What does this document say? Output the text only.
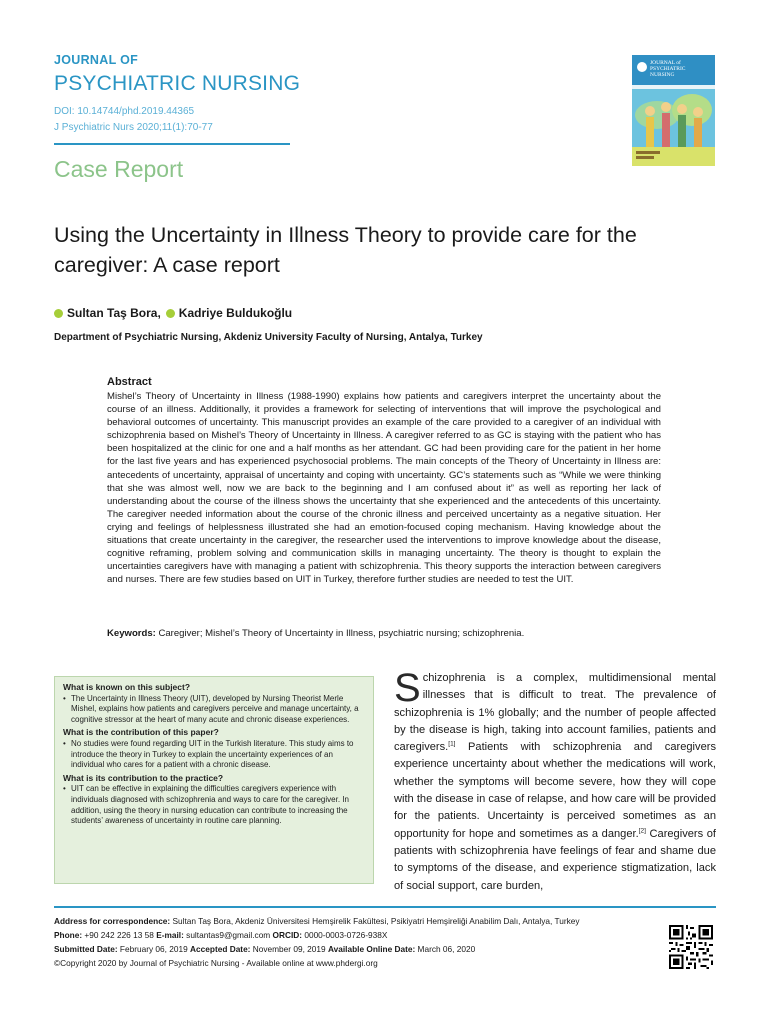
JOURNAL OF
PSYCHIATRIC NURSING
DOI: 10.14744/phd.2019.44365
J Psychiatric Nurs 2020;11(1):70-77
Case Report
JOURNAL of
PSYCHIATRIC
NURSING
Using the Uncertainty in Illness Theory to provide care for the caregiver: A case report
Sultan Taş Bora, Kadriye Buldukoğlu
Department of Psychiatric Nursing, Akdeniz University Faculty of Nursing, Antalya, Turkey
Abstract
Mishel’s Theory of Uncertainty in Illness (1988-1990) explains how patients and caregivers interpret the uncertainty about the course of an illness. Additionally, it provides a framework for selecting of interventions that will improve the psychological and behavioral outcomes of uncertainty. This manuscript provides an example of the care provided to a caregiver of an individual with schizophrenia based on Mishel’s Theory of Uncertainty in Illness. A caregiver referred to as GC is staying with the patient who has been hospitalized at the clinic for one and a half months as her attendant. GC had been providing care for the patient in her home for the last five years and has experienced psychosocial problems. The main concepts of the Theory of Uncertainty in Illness are: antecedents of uncertainty, appraisal of uncertainty and coping with uncertainty. GC’s statements such as “While we were thinking that she was almost well, now we are back to the beginning and I am confused about it” as well as reporting her lack of understanding about the course of the illness shows the uncertainty that she experienced and the antecedents of this uncertainty. The caregiver needed information about the course of the chronic illness and perceived uncertainty as a negative situation. Her crying and feelings of helplessness illustrated she had an emotion-focused coping mechanism. Having knowledge about the situations that create uncertainty in the caregiver, the researcher used the interventions to improve knowledge about the disease, cognitive reframing, problem solving and communication skills in managing uncertainty. The theory is thought to explain the uncertainties caregivers have with managing a patient with schizophrenia. This theory supports the interaction between caregivers and nurses. There are few studies based on UIT in Turkey, therefore further studies are needed to test the UIT.
Keywords: Caregiver; Mishel’s Theory of Uncertainty in Illness, psychiatric nursing; schizophrenia.
What is known on this subject?
• The Uncertainty in Illness Theory (UIT), developed by Nursing Theorist Merle Mishel, explains how patients and caregivers perceive and manage uncertainty, a cognitive stressor at the heart of many acute and chronic disease experiences.
What is the contribution of this paper?
• No studies were found regarding UIT in the Turkish literature. This study aims to introduce the theory in Turkey to explain the uncertainty experiences of an individual who cares for a patient with a chronic disease.
What is its contribution to the practice?
• UIT can be effective in explaining the difficulties caregivers experience with individuals diagnosed with schizophrenia and ways to care for the caregiver. In addition, using the theory in nursing education can contribute to increasing the students’ awareness of uncertainty in routine care planning.
Schizophrenia is a complex, multidimensional mental illnesses that is difficult to treat. The prevalence of schizophrenia is 1% globally; and the number of people affected by the disease is high, taking into account families, patients and caregivers.[1] Patients with schizophrenia and caregivers experience uncertainty about whether the medications will work, whether the symptoms will become severe, how they will cope with the disease in case of relapse, and how care will be provided for the patients. Uncertainty is perceived sometimes as an opportunity for hope and sometimes as a danger.[2] Caregivers of patients with schizophrenia have feelings of fear and shame due to symptoms of the disease, and experience stigmatization, lack of social support, care burden,
Address for correspondence: Sultan Taş Bora, Akdeniz Üniversitesi Hemşirelik Fakültesi, Psikiyatri Hemşireliği Anabilim Dalı, Antalya, Turkey
Phone: +90 242 226 13 58 E-mail: sultantas9@gmail.com ORCID: 0000-0003-0726-938X
Submitted Date: February 06, 2019 Accepted Date: November 09, 2019 Available Online Date: March 06, 2020
©Copyright 2020 by Journal of Psychiatric Nursing - Available online at www.phdergi.org
